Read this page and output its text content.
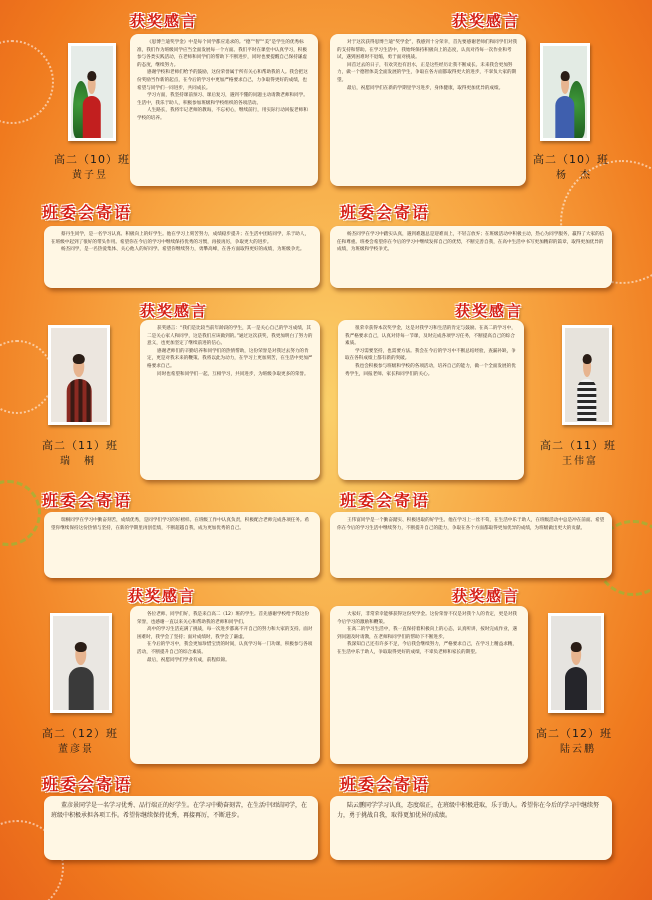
获奖感言	获奖感言
高二（10）班
黄子昱

《思博兰迪奖学金》中是每个同学都应追求的。“德”“智”“美”是学生的优秀标准，我们作为班级同学应当全面发展每一个方面。我们平时在课堂中认真学习，积极参与各类实践活动，在老师和同学们的帮助下不断进步，同时也要提醒自己保持谦虚的态度，继续努力。

感谢学校和老师们给予的鼓励，这份荣誉属于所有关心和帮助我的人。我会把这份奖励当作新的起点，在今后的学习中更加严格要求自己，力争取得更好的成绩，也希望与同学们一同进步，共同成长。

学习方面，我坚持课前预习、课后复习，遇到不懂的问题主动请教老师和同学。生活中，我乐于助人，积极参加班级和学校组织的各项活动。

人生路长，我将牢记老师的教诲，不忘初心，继续前行，用实际行动回报老师和学校的培养。

对于这次获得思博兰迪“奖学金”，我感到十分荣幸，首先要感谢老师们和同学们对我的支持和帮助。在学习生活中，我始终保持积极向上的态度，认真对待每一次作业和考试，遇到困难时不退缩，勇于面对挑战。

回首过去的日子，有欢笑也有泪水，正是这些经历让我不断成长。未来我会更加努力，做一个德智体美全面发展的学生，争取在各方面都取得更大的进步，不辜负大家的期望。

最后，祝愿同学们在新的学期里学习进步，身体健康，取得更加优异的成绩。

高二（10）班
杨　杰
班委会寄语	班委会寄语

蔡丹生同学，是一名学习认真、积极向上的好学生。他在学习上刻苦努力，成绩稳步提升；在生活中团结同学，乐于助人，在班级中起到了很好的带头作用。希望你在今后的学习中继续保持优秀的习惯，再接再厉，争取更大的进步。

杨杰同学，是一名热爱集体、关心他人的好同学。希望你继续努力，勇攀高峰，在各方面取得更好的成绩，为班级争光。

杨杰同学在学习中踏实认真，遇到难题总是迎难而上，不轻言放弃；在班级活动中积极主动，热心为同学服务，赢得了大家的信任和尊重。班委会希望你在今后的学习中继续发挥自己的优势，不断完善自我，在高中生活中书写更加精彩的篇章，取得更加优异的成绩，为班级和学校争光。

获奖感言	获奖感言
高二（11）班
瑞　桐

获奖感言：“我们是比较当前年龄段的学生，其一是关心自己的学习成绩，其二是关心家人和同学，这是我们应该做到的。”通过这次获奖，我更加明白了努力的意义，也更加坚定了继续前进的信心。

感谢老师们的辛勤培养和同学们的热情帮助，这份荣誉是对我过去努力的肯定，更是对我未来的鞭策。我将以此为动力，在学习上更加刻苦，在生活中更加严格要求自己。

同时也希望和同学们一起，互相学习，共同进步，为班级争取更多的荣誉。

很荣幸获得本次奖学金，这是对我学习和生活的肯定与鼓励。在高二的学习中，我严格要求自己，认真对待每一节课，及时完成各项学习任务，不断提高自己的综合素质。

学习需要坚持，也需要方法。我会在今后的学习中不断总结经验，查漏补缺，争取在各科成绩上都有新的突破。

我也会积极参与班级和学校的各项活动，培养自己的能力，做一个全面发展的优秀学生，回报老师、家长和同学们的关心。

高二（11）班
王伟富
班委会寄语	班委会寄语

瑞桐同学在学习中勤奋刻苦，成绩优秀，是同学们学习的好榜样。在班级工作中认真负责，积极配合老师完成各项任务。希望你继续保持这份热情与坚持，在新的学期里再创佳绩，不断超越自我，成为更加优秀的自己。

王伟富同学是一个勤奋踏实、积极进取的好学生。他在学习上一丝不苟，在生活中乐于助人，在班级活动中总是冲在前面。希望你在今后的学习生活中继续努力，不断提升自己的能力，争取在各个方面都取得更加优异的成绩，为班级做出更大的贡献。

获奖感言	获奖感言
高二（12）班
董彦景

各位老师、同学们好，我是来自高二（12）班的学生。首先感谢学校给予我这份荣誉，也感谢一直以来关心和帮助我的老师和同学们。

高中的学习生活充满了挑战，每一次进步都离不开自己的努力和大家的支持。面对困难时，我学会了坚持；面对成绩时，我学会了谦虚。

在今后的学习中，我会更加珍惜宝贵的时间，认真学习每一门功课，积极参与各项活动，不断提升自己的综合素质。

最后，祝愿同学们学业有成，前程似锦。

大家好，非常荣幸能够获得这份奖学金。这份荣誉不仅是对我个人的肯定，更是对我今后学习的激励和鞭策。

在高二的学习生活中，我一直保持着积极向上的心态，认真听讲，按时完成作业，遇到问题及时请教，在老师和同学们的帮助下不断进步。

我深知自己还有许多不足，今后我会继续努力，严格要求自己，在学习上精益求精，在生活中乐于助人，争取取得更好的成绩，不辜负老师和家长的期望。

高二（12）班
陆云鹏
班委会寄语	班委会寄语

董彦景同学是一名学习优秀、品行端正的好学生。在学习中勤奋刻苦，在生活中团结同学，在班级中积极承担各项工作。希望你继续保持优秀，再接再厉，不断进步。

陆云鹏同学学习认真，态度端正，在班级中积极进取，乐于助人。希望你在今后的学习中继续努力，勇于挑战自我，取得更加优异的成绩。
